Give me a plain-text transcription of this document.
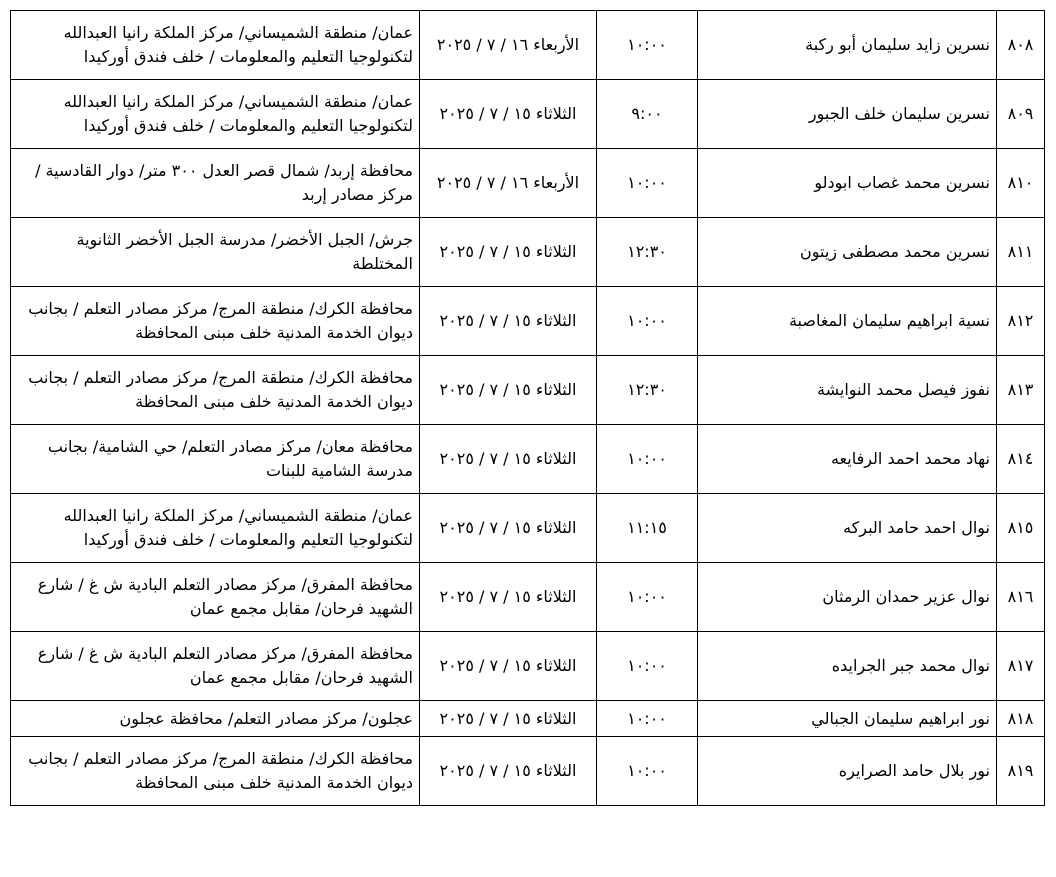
٨٠٨	نسرين زايد سليمان أبو ركبة	١٠:٠٠	الأربعاء ١٦ / ٧ / ٢٠٢٥	عمان/ منطقة الشميساني/ مركز الملكة رانيا العبدالله لتكنولوجيا التعليم والمعلومات / خلف فندق أوركيدا
٨٠٩	نسرين سليمان خلف الجبور	٩:٠٠	الثلاثاء ١٥ / ٧ / ٢٠٢٥	عمان/ منطقة الشميساني/ مركز الملكة رانيا العبدالله لتكنولوجيا التعليم والمعلومات / خلف فندق أوركيدا
٨١٠	نسرين محمد غصاب ابودلو	١٠:٠٠	الأربعاء ١٦ / ٧ / ٢٠٢٥	محافظة إربد/ شمال قصر العدل ٣٠٠ متر/ دوار القادسية / مركز مصادر إربد
٨١١	نسرين محمد مصطفى زيتون	١٢:٣٠	الثلاثاء ١٥ / ٧ / ٢٠٢٥	جرش/ الجبل الأخضر/ مدرسة الجبل الأخضر الثانوية المختلطة
٨١٢	نسية ابراهيم سليمان المغاصبة	١٠:٠٠	الثلاثاء ١٥ / ٧ / ٢٠٢٥	محافظة الكرك/ منطقة المرج/ مركز مصادر التعلم / بجانب ديوان الخدمة المدنية خلف مبنى المحافظة
٨١٣	نفوز فيصل محمد النوايشة	١٢:٣٠	الثلاثاء ١٥ / ٧ / ٢٠٢٥	محافظة الكرك/ منطقة المرج/ مركز مصادر التعلم / بجانب ديوان الخدمة المدنية خلف مبنى المحافظة
٨١٤	نهاد محمد احمد الرفايعه	١٠:٠٠	الثلاثاء ١٥ / ٧ / ٢٠٢٥	محافظة معان/ مركز مصادر التعلم/ حي الشامية/ بجانب مدرسة الشامية للبنات
٨١٥	نوال احمد حامد البركه	١١:١٥	الثلاثاء ١٥ / ٧ / ٢٠٢٥	عمان/ منطقة الشميساني/ مركز الملكة رانيا العبدالله لتكنولوجيا التعليم والمعلومات / خلف فندق أوركيدا
٨١٦	نوال عزير حمدان الرمثان	١٠:٠٠	الثلاثاء ١٥ / ٧ / ٢٠٢٥	محافظة المفرق/ مركز مصادر التعلم البادية ش غ / شارع الشهيد فرحان/ مقابل مجمع عمان
٨١٧	نوال محمد جبر الجرايده	١٠:٠٠	الثلاثاء ١٥ / ٧ / ٢٠٢٥	محافظة المفرق/ مركز مصادر التعلم البادية ش غ / شارع الشهيد فرحان/ مقابل مجمع عمان
٨١٨	نور ابراهيم سليمان الجبالي	١٠:٠٠	الثلاثاء ١٥ / ٧ / ٢٠٢٥	عجلون/ مركز مصادر التعلم/ محافظة عجلون
٨١٩	نور بلال حامد الصرايره	١٠:٠٠	الثلاثاء ١٥ / ٧ / ٢٠٢٥	محافظة الكرك/ منطقة المرج/ مركز مصادر التعلم / بجانب ديوان الخدمة المدنية خلف مبنى المحافظة
